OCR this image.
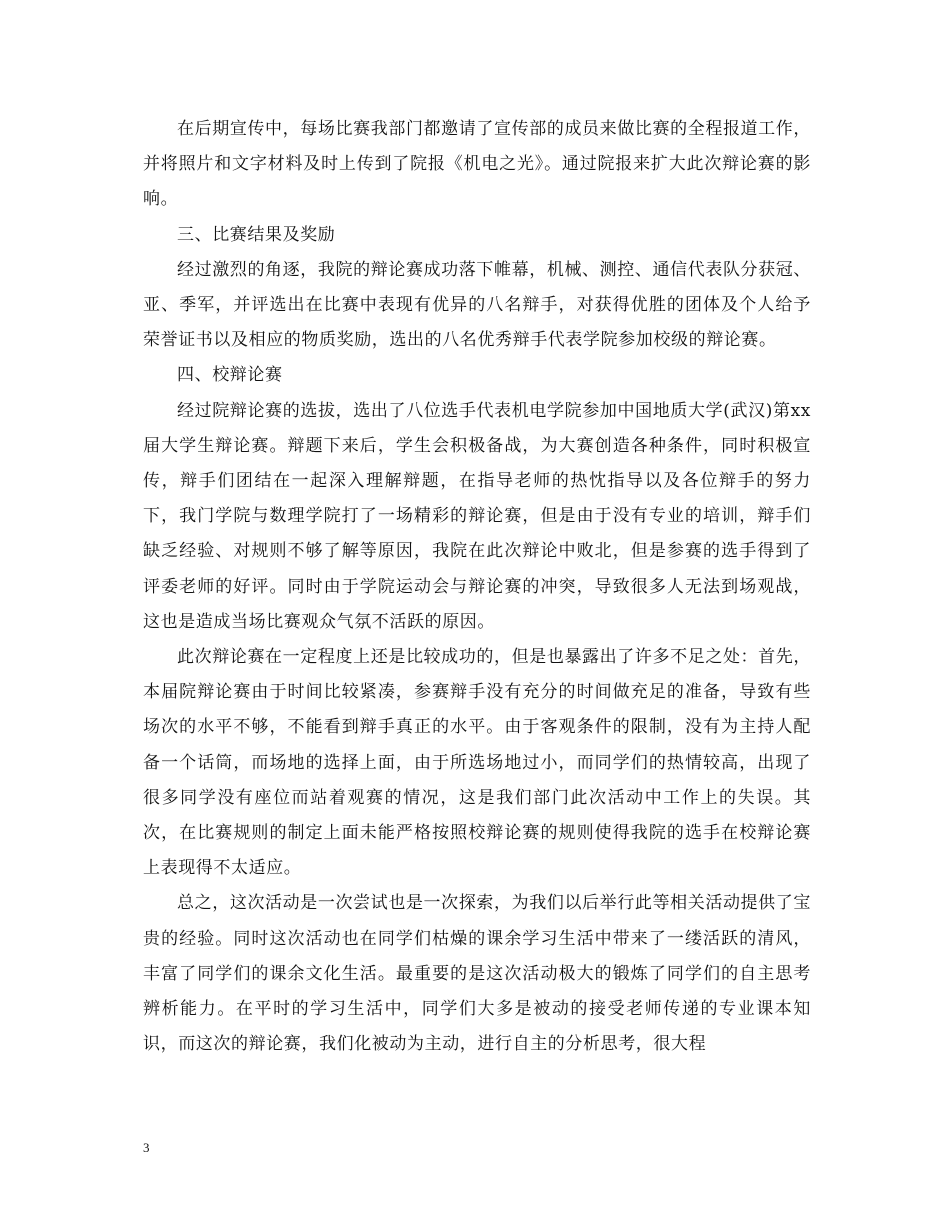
在后期宣传中，每场比赛我部门都邀请了宣传部的成员来做比赛的全程报道工作，并将照片和文字材料及时上传到了院报《机电之光》。通过院报来扩大此次辩论赛的影响。

三、比赛结果及奖励

经过激烈的角逐，我院的辩论赛成功落下帷幕，机械、测控、通信代表队分获冠、亚、季军，并评选出在比赛中表现有优异的八名辩手，对获得优胜的团体及个人给予荣誉证书以及相应的物质奖励，选出的八名优秀辩手代表学院参加校级的辩论赛。

四、校辩论赛

经过院辩论赛的选拔，选出了八位选手代表机电学院参加中国地质大学(武汉)第xx届大学生辩论赛。辩题下来后，学生会积极备战，为大赛创造各种条件，同时积极宣传，辩手们团结在一起深入理解辩题，在指导老师的热忱指导以及各位辩手的努力下，我门学院与数理学院打了一场精彩的辩论赛，但是由于没有专业的培训，辩手们缺乏经验、对规则不够了解等原因，我院在此次辩论中败北，但是参赛的选手得到了评委老师的好评。同时由于学院运动会与辩论赛的冲突，导致很多人无法到场观战，这也是造成当场比赛观众气氛不活跃的原因。

此次辩论赛在一定程度上还是比较成功的，但是也暴露出了许多不足之处：首先，本届院辩论赛由于时间比较紧凑，参赛辩手没有充分的时间做充足的准备，导致有些场次的水平不够，不能看到辩手真正的水平。由于客观条件的限制，没有为主持人配备一个话筒，而场地的选择上面，由于所选场地过小，而同学们的热情较高，出现了很多同学没有座位而站着观赛的情况，这是我们部门此次活动中工作上的失误。其次，在比赛规则的制定上面未能严格按照校辩论赛的规则使得我院的选手在校辩论赛上表现得不太适应。

总之，这次活动是一次尝试也是一次探索，为我们以后举行此等相关活动提供了宝贵的经验。同时这次活动也在同学们枯燥的课余学习生活中带来了一缕活跃的清风，丰富了同学们的课余文化生活。最重要的是这次活动极大的锻炼了同学们的自主思考辨析能力。在平时的学习生活中，同学们大多是被动的接受老师传递的专业课本知识，而这次的辩论赛，我们化被动为主动，进行自主的分析思考，很大程

3
